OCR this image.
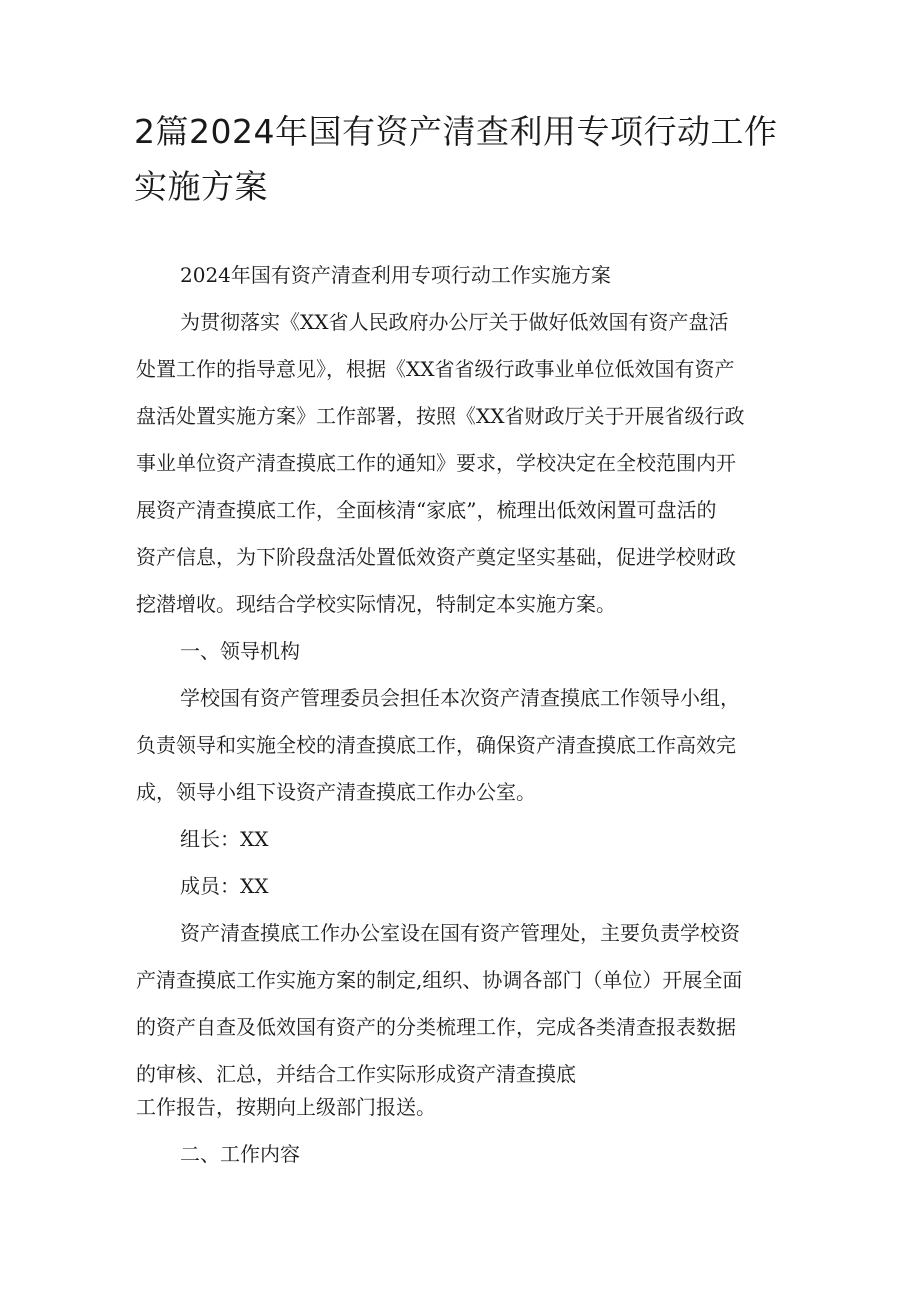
2篇2024年国有资产清查利用专项行动工作
实施方案

2024年国有资产清查利用专项行动工作实施方案

为贯彻落实《XX省人民政府办公厅关于做好低效国有资产盘活
处置工作的指导意见》，根据《XX省省级行政事业单位低效国有资产
盘活处置实施方案》工作部署，按照《XX省财政厅关于开展省级行政
事业单位资产清查摸底工作的通知》要求，学校决定在全校范围内开
展资产清查摸底工作，全面核清“家底”，梳理出低效闲置可盘活的
资产信息，为下阶段盘活处置低效资产奠定坚实基础，促进学校财政
挖潜增收。现结合学校实际情况，特制定本实施方案。

一、领导机构

学校国有资产管理委员会担任本次资产清查摸底工作领导小组，
负责领导和实施全校的清查摸底工作，确保资产清查摸底工作高效完
成，领导小组下设资产清查摸底工作办公室。

组长：XX

成员：XX

资产清查摸底工作办公室设在国有资产管理处，主要负责学校资
产清查摸底工作实施方案的制定,组织、协调各部门（单位）开展全面
的资产自查及低效国有资产的分类梳理工作，完成各类清查报表数据
的审核、汇总，并结合工作实际形成资产清查摸底

工作报告，按期向上级部门报送。

二、工作内容
